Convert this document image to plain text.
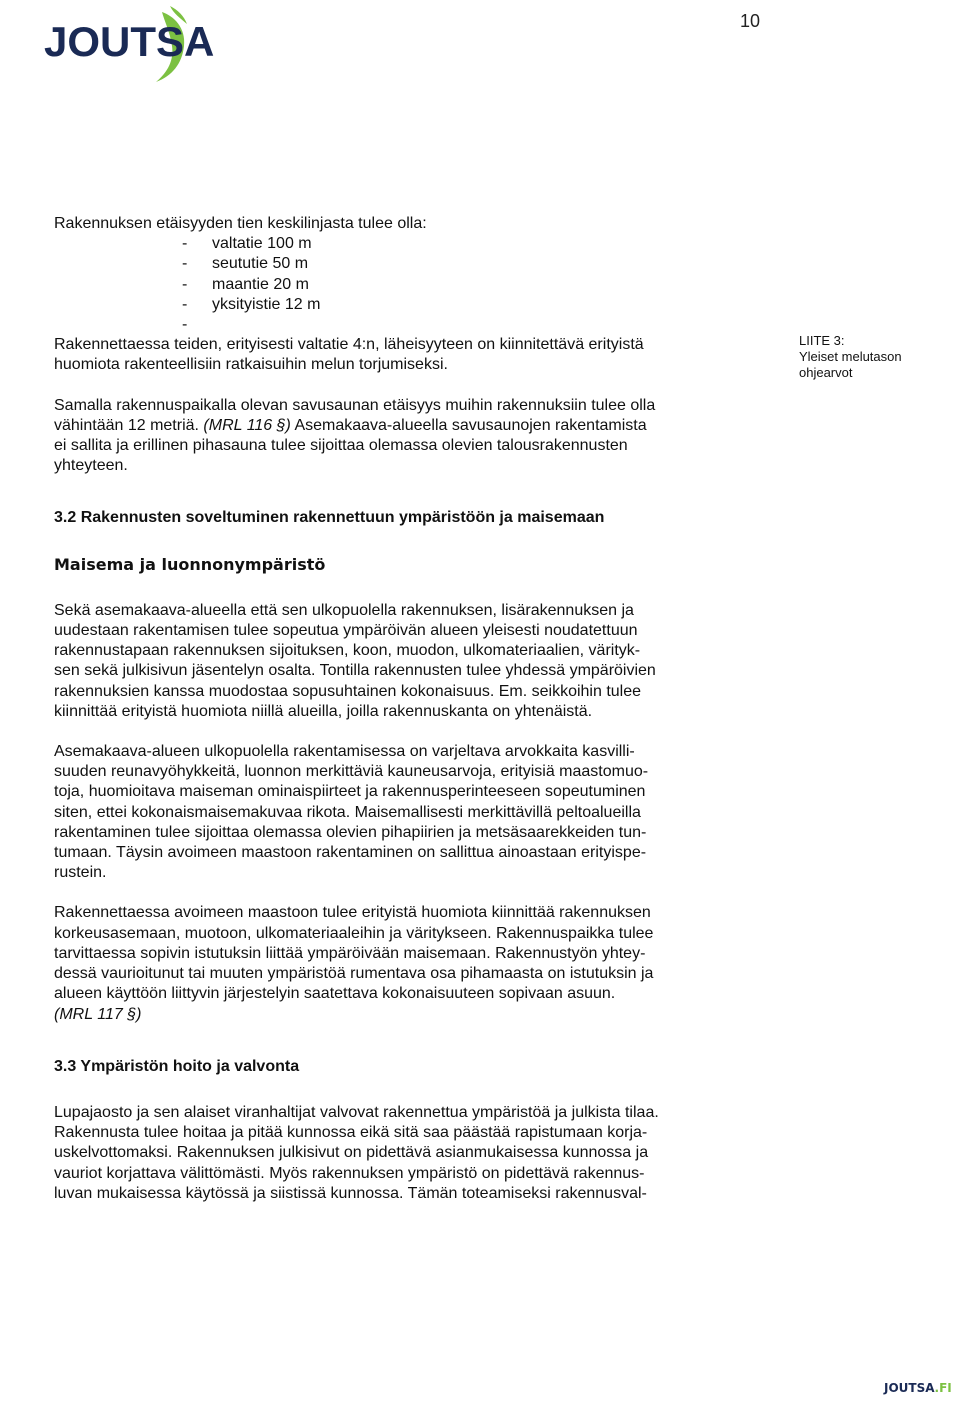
JOUTSA	10
LIITE 3:
Yleiset melutason
ohjearvot

Rakennuksen etäisyyden tien keskilinjasta tulee olla:

- valtatie 100 m
- seututie 50 m
- maantie 20 m
- yksityistie 12 m
-

Rakennettaessa teiden, erityisesti valtatie 4:n, läheisyyteen on kiinnitettävä erityistä
huomiota rakenteellisiin ratkaisuihin melun torjumiseksi.

Samalla rakennuspaikalla olevan savusaunan etäisyys muihin rakennuksiin tulee olla
vähintään 12 metriä. (MRL 116 §) Asemakaava-alueella savusaunojen rakentamista
ei sallita ja erillinen pihasauna tulee sijoittaa olemassa olevien talousrakennusten
yhteyteen.

3.2 Rakennusten soveltuminen rakennettuun ympäristöön ja maisemaan

Maisema ja luonnonympäristö

Sekä asemakaava-alueella että sen ulkopuolella rakennuksen, lisärakennuksen ja
uudestaan rakentamisen tulee sopeutua ympäröivän alueen yleisesti noudatettuun
rakennustapaan rakennuksen sijoituksen, koon, muodon, ulkomateriaalien, värityk-
sen sekä julkisivun jäsentelyn osalta. Tontilla rakennusten tulee yhdessä ympäröivien
rakennuksien kanssa muodostaa sopusuhtainen kokonaisuus. Em. seikkoihin tulee
kiinnittää erityistä huomiota niillä alueilla, joilla rakennuskanta on yhtenäistä.

Asemakaava-alueen ulkopuolella rakentamisessa on varjeltava arvokkaita kasvilli-
suuden reunavyöhykkeitä, luonnon merkittäviä kauneusarvoja, erityisiä maastomuo-
toja, huomioitava maiseman ominaispiirteet ja rakennusperinteeseen sopeutuminen
siten, ettei kokonaismaisemakuvaa rikota. Maisemallisesti merkittävillä peltoalueilla
rakentaminen tulee sijoittaa olemassa olevien pihapiirien ja metsäsaarekkeiden tun-
tumaan. Täysin avoimeen maastoon rakentaminen on sallittua ainoastaan erityispe-
rustein.

Rakennettaessa avoimeen maastoon tulee erityistä huomiota kiinnittää rakennuksen
korkeusasemaan, muotoon, ulkomateriaaleihin ja väritykseen. Rakennuspaikka tulee
tarvittaessa sopivin istutuksin liittää ympäröivään maisemaan. Rakennustyön yhtey-
dessä vaurioitunut tai muuten ympäristöä rumentava osa pihamaasta on istutuksin ja
alueen käyttöön liittyvin järjestelyin saatettava kokonaisuuteen sopivaan asuun.
(MRL 117 §)

3.3 Ympäristön hoito ja valvonta

Lupajaosto ja sen alaiset viranhaltijat valvovat rakennettua ympäristöä ja julkista tilaa.
Rakennusta tulee hoitaa ja pitää kunnossa eikä sitä saa päästää rapistumaan korja-
uskelvottomaksi. Rakennuksen julkisivut on pidettävä asianmukaisessa kunnossa ja
vauriot korjattava välittömästi. Myös rakennuksen ympäristö on pidettävä rakennus-
luvan mukaisessa käytössä ja siistissä kunnossa. Tämän toteamiseksi rakennusval-

JOUTSA .FI
